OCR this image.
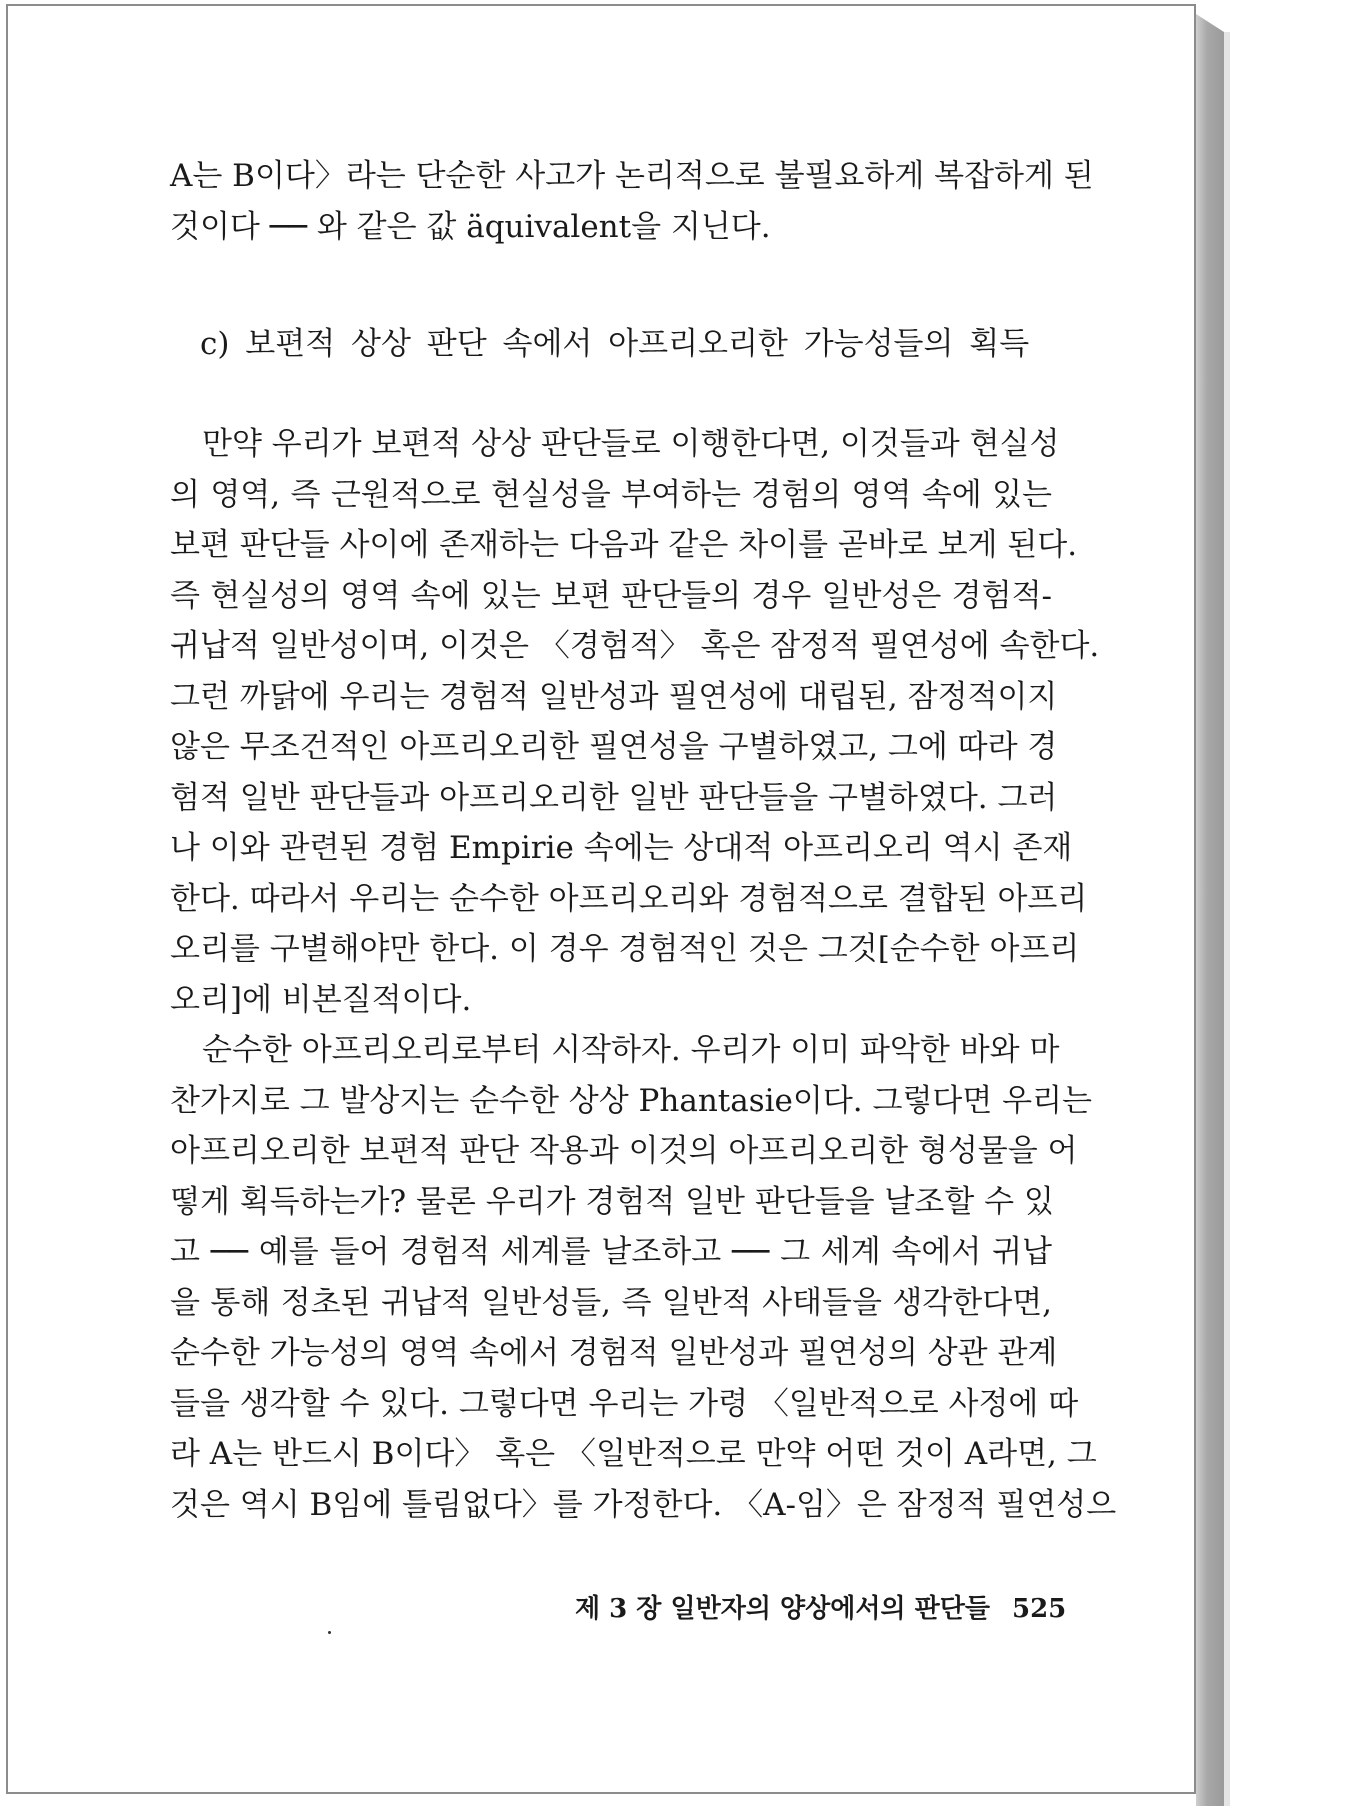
A는 B이다〉라는 단순한 사고가 논리적으로 불필요하게 복잡하게 된
것이다 ── 와 같은 값 äquivalent을 지닌다.
c) 보편적 상상 판단 속에서 아프리오리한 가능성들의 획득
만약 우리가 보편적 상상 판단들로 이행한다면, 이것들과 현실성
의 영역, 즉 근원적으로 현실성을 부여하는 경험의 영역 속에 있는
보편 판단들 사이에 존재하는 다음과 같은 차이를 곧바로 보게 된다.
즉 현실성의 영역 속에 있는 보편 판단들의 경우 일반성은 경험적-
귀납적 일반성이며, 이것은 〈경험적〉 혹은 잠정적 필연성에 속한다.
그런 까닭에 우리는 경험적 일반성과 필연성에 대립된, 잠정적이지
않은 무조건적인 아프리오리한 필연성을 구별하였고, 그에 따라 경
험적 일반 판단들과 아프리오리한 일반 판단들을 구별하였다. 그러
나 이와 관련된 경험 Empirie 속에는 상대적 아프리오리 역시 존재
한다. 따라서 우리는 순수한 아프리오리와 경험적으로 결합된 아프리
오리를 구별해야만 한다. 이 경우 경험적인 것은 그것[순수한 아프리
오리]에 비본질적이다.
순수한 아프리오리로부터 시작하자. 우리가 이미 파악한 바와 마
찬가지로 그 발상지는 순수한 상상 Phantasie이다. 그렇다면 우리는
아프리오리한 보편적 판단 작용과 이것의 아프리오리한 형성물을 어
떻게 획득하는가? 물론 우리가 경험적 일반 판단들을 날조할 수 있
고 ── 예를 들어 경험적 세계를 날조하고 ── 그 세계 속에서 귀납
을 통해 정초된 귀납적 일반성들, 즉 일반적 사태들을 생각한다면,
순수한 가능성의 영역 속에서 경험적 일반성과 필연성의 상관 관계
들을 생각할 수 있다. 그렇다면 우리는 가령 〈일반적으로 사정에 따
라 A는 반드시 B이다〉 혹은 〈일반적으로 만약 어떤 것이 A라면, 그
것은 역시 B임에 틀림없다〉를 가정한다. 〈A-임〉은 잠정적 필연성으
제 3 장 일반자의 양상에서의 판단들 525
